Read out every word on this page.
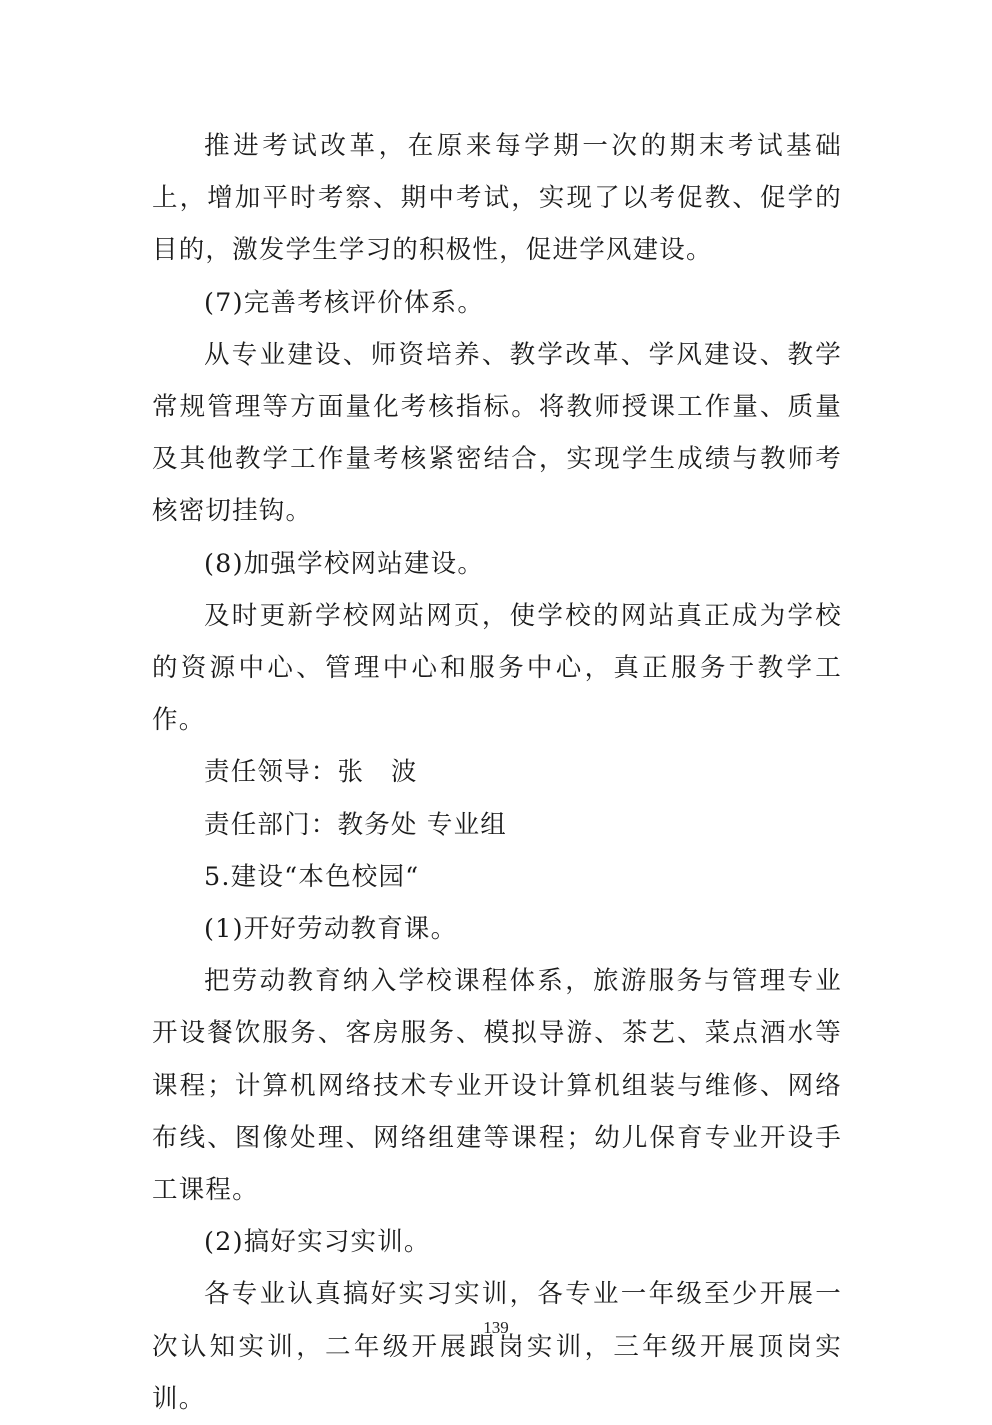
推进考试改革，在原来每学期一次的期末考试基础上，增加平时考察、期中考试，实现了以考促教、促学的目的，激发学生学习的积极性，促进学风建设。

(7)完善考核评价体系。

从专业建设、师资培养、教学改革、学风建设、教学常规管理等方面量化考核指标。将教师授课工作量、质量及其他教学工作量考核紧密结合，实现学生成绩与教师考核密切挂钩。

(8)加强学校网站建设。

及时更新学校网站网页，使学校的网站真正成为学校的资源中心、管理中心和服务中心，真正服务于教学工作。

责任领导：张　波

责任部门：教务处 专业组

5.建设“本色校园“

(1)开好劳动教育课。

把劳动教育纳入学校课程体系，旅游服务与管理专业开设餐饮服务、客房服务、模拟导游、茶艺、菜点酒水等课程；计算机网络技术专业开设计算机组装与维修、网络布线、图像处理、网络组建等课程；幼儿保育专业开设手工课程。

(2)搞好实习实训。

各专业认真搞好实习实训，各专业一年级至少开展一次认知实训，二年级开展跟岗实训，三年级开展顶岗实训。

139
